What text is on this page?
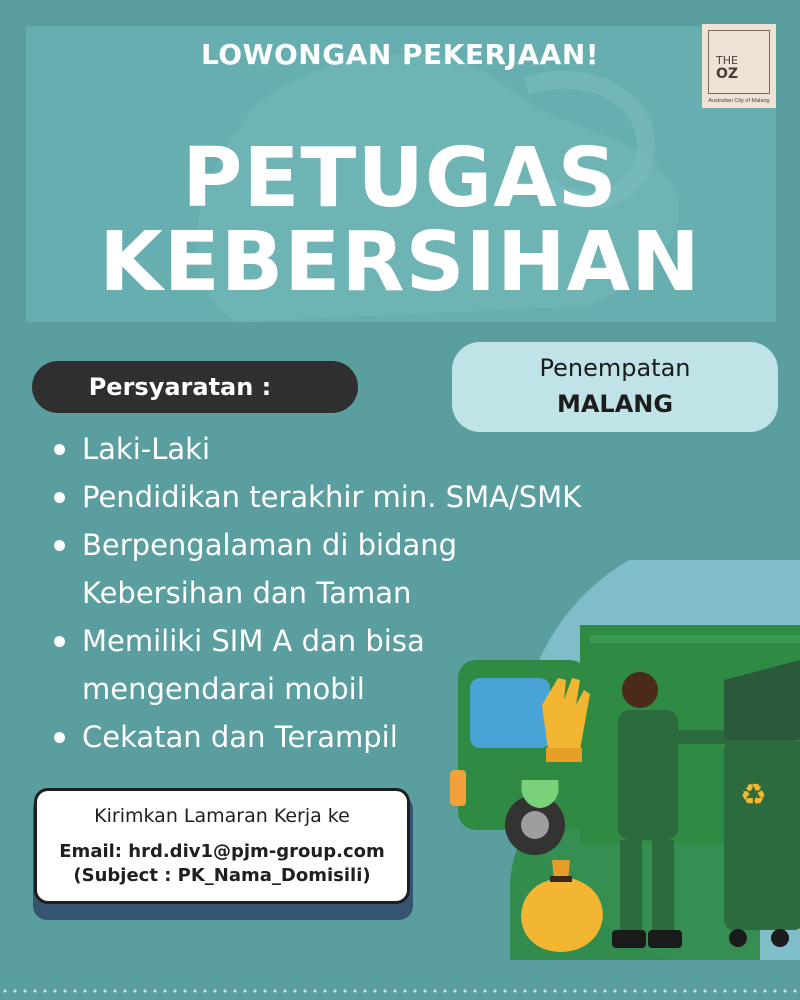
LOWONGAN PEKERJAAN!
PETUGAS
KEBERSIHAN
THE
OZ
Australian City of Malang
Persyaratan :
Penempatan
MALANG
Laki-Laki
Pendidikan terakhir min. SMA/SMK
Berpengalaman di bidang
Kebersihan dan Taman
Memiliki SIM A dan bisa
mengendarai mobil
Cekatan dan Terampil
Kirimkan Lamaran Kerja ke
Email: hrd.div1@pjm-group.com
(Subject : PK_Nama_Domisili)
♻
